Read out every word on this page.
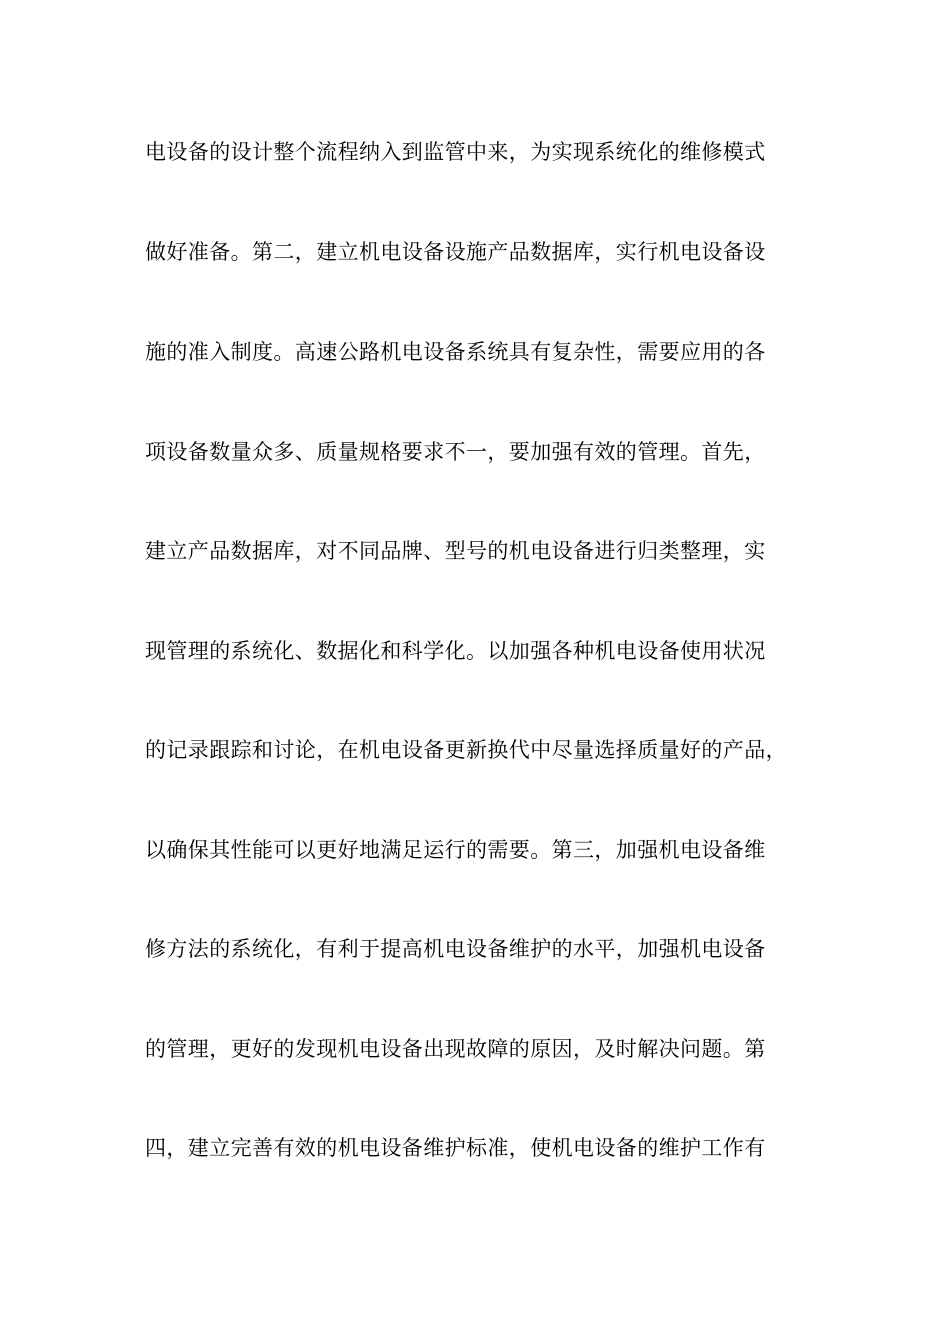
电设备的设计整个流程纳入到监管中来，为实现系统化的维修模式
做好准备。第二，建立机电设备设施产品数据库，实行机电设备设
施的准入制度。高速公路机电设备系统具有复杂性，需要应用的各
项设备数量众多、质量规格要求不一，要加强有效的管理。首先，
建立产品数据库，对不同品牌、型号的机电设备进行归类整理，实
现管理的系统化、数据化和科学化。以加强各种机电设备使用状况
的记录跟踪和讨论，在机电设备更新换代中尽量选择质量好的产品，
以确保其性能可以更好地满足运行的需要。第三，加强机电设备维
修方法的系统化，有利于提高机电设备维护的水平，加强机电设备
的管理，更好的发现机电设备出现故障的原因，及时解决问题。第
四，建立完善有效的机电设备维护标准，使机电设备的维护工作有
